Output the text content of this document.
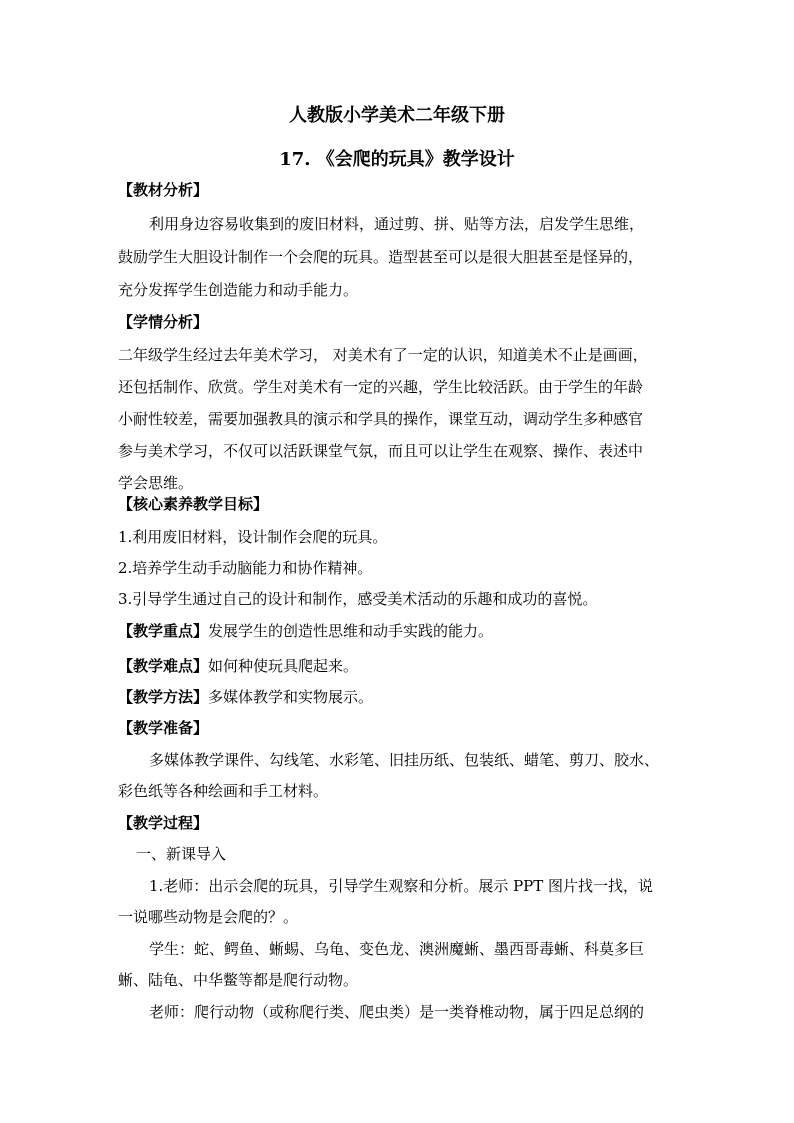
人教版小学美术二年级下册

17. 《会爬的玩具》教学设计

【教材分析】

利用身边容易收集到的废旧材料，通过剪、拼、贴等方法，启发学生思维，

鼓励学生大胆设计制作一个会爬的玩具。造型甚至可以是很大胆甚至是怪异的，

充分发挥学生创造能力和动手能力。

【学情分析】

二年级学生经过去年美术学习， 对美术有了一定的认识，知道美术不止是画画，

还包括制作、欣赏。学生对美术有一定的兴趣，学生比较活跃。由于学生的年龄

小耐性较差，需要加强教具的演示和学具的操作，课堂互动，调动学生多种感官

参与美术学习，不仅可以活跃课堂气氛，而且可以让学生在观察、操作、表述中

学会思维。

【核心素养教学目标】

1.利用废旧材料，设计制作会爬的玩具。

2.培养学生动手动脑能力和协作精神。

3.引导学生通过自己的设计和制作，感受美术活动的乐趣和成功的喜悦。

【教学重点】发展学生的创造性思维和动手实践的能力。

【教学难点】如何种使玩具爬起来。

【教学方法】多媒体教学和实物展示。

【教学准备】

多媒体教学课件、勾线笔、水彩笔、旧挂历纸、包装纸、蜡笔、剪刀、胶水、

彩色纸等各种绘画和手工材料。

【教学过程】

一、新课导入

1.老师：出示会爬的玩具，引导学生观察和分析。展示 PPT 图片找一找，说

一说哪些动物是会爬的？。

学生：蛇、鳄鱼、蜥蜴、乌龟、变色龙、澳洲魔蜥、墨西哥毒蜥、科莫多巨

蜥、陆龟、中华鳖等都是爬行动物。

老师：爬行动物（或称爬行类、爬虫类）是一类脊椎动物，属于四足总纲的
